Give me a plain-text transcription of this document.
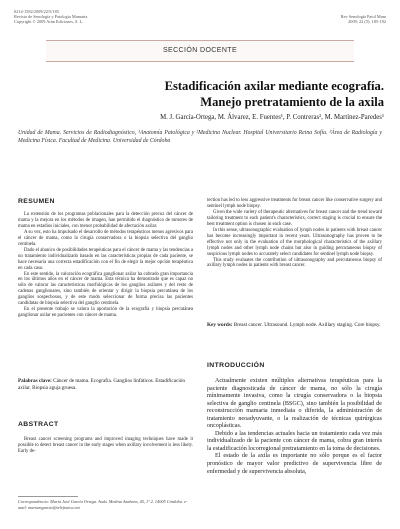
0214-1582/2009/22/5/185
Revista de Senología y Patología Mamaria
Copyright © 2009 Arán Ediciones, S. L.
Rev Senología Patol Mam
2009; 22 (5): 185-192
SECCIÓN DOCENTE
Estadificación axilar mediante ecografía.
Manejo pretratamiento de la axila
M. J. García-Ortega, M. Álvarez, E. Fuentes¹, P. Contreras², M. Martínez-Paredes¹
Unidad de Mama. Servicios de Radiodiagnóstico, ¹Anatomía Patológica y ²Medicina Nuclear. Hospital Universitario Reina Sofía. ³Área de Radiología y Medicina Física. Facultad de Medicina. Universidad de Córdoba
RESUMEN

La extensión de los programas poblacionales para la detección precoz del cáncer de mama y la mejora en los métodos de imagen, han permitido el diagnóstico de tumores de mama en estadios iniciales, con menor probabilidad de afectación axilar.

A su vez, esto ha impulsado el desarrollo de métodos terapéuticos menos agresivos para el cáncer de mama, como la cirugía conservadora o la biopsia selectiva del ganglio centinela.

Dado el abanico de posibilidades terapéuticas para el cáncer de mama y las tendencias a un tratamiento individualizado basado en las características propias de cada paciente, se hace necesaria una correcta estadificación con el fin de elegir la mejor opción terapéutica en cada caso.

En este sentido, la valoración ecográfica ganglionar axilar ha cobrado gran importancia en los últimos años en el cáncer de mama. Esta técnica ha demostrado que es capaz no sólo de valorar las características morfológicas de los ganglios axilares y del resto de cadenas ganglionares, sino también de orientar y dirigir la biopsia percutánea de los ganglios sospechosos, y de este modo seleccionar de forma precisa las pacientes candidatas de biopsia selectiva del ganglio centinela.

En el presente trabajo se valora la aportación de la ecografía y biopsia percutánea ganglionar axilar en pacientes con cáncer de mama.

Palabras clave: Cáncer de mama. Ecografía. Ganglios linfáticos. Estadificación axilar. Biopsia aguja gruesa.
ABSTRACT

Breast cancer screening programs and improved imaging techniques have made it possible to detect breast cancer in the early stages when axillary involvement is less likely. Early de-

Correspondencia: María José García Ortega. Avda. Medina Azahara, 45, 1º 2. 14005 Córdoba. e-mail: mariamgarcia@telefonica.net

tection has led to less aggressive treatments for breast cancer like conservative surgery and sentinel lymph node biopsy.

Given the wide variety of therapeutic alternatives for breast cancer and the trend toward tailoring treatment to each patient's characteristics, correct staging is crucial to ensure the best treatment option is chosen in each case.

In this sense, ultrasonographic evaluation of lymph nodes in patients with breast cancer has become increasingly important in recent years. Ultrasonography has proven to be effective not only in the evaluation of the morphological characteristics of the axillary lymph nodes and other lymph node chains but also in guiding percutaneous biopsy of suspicious lymph nodes to accurately select candidates for sentinel lymph node biopsy.

This study evaluates the contribution of ultrasonography and percutaneous biopsy of axillary lymph nodes in patients with breast cancer.

Key words: Breast cancer. Ultrasound. Lymph node. Axillary staging. Core biopsy.
INTRODUCCIÓN

Actualmente existen múltiples alternativas terapéuticas para la paciente diagnosticada de cáncer de mama, no sólo la cirugía mínimamente invasiva, como la cirugía conservadora o la biopsia selectiva de ganglio centinela (BSGC), sino también la posibilidad de reconstrucción mamaria inmediata o diferida, la administración de tratamiento neoadyuvante, o la realización de técnicas quirúrgicas oncoplásticas.

Debido a las tendencias actuales hacia un tratamiento cada vez más individualizado de la paciente con cáncer de mama, cobra gran interés la estadificación locorregional pretratamiento en la toma de decisiones.

El estado de la axila es importante no sólo porque es el factor pronóstico de mayor valor predictivo de supervivencia libre de enfermedad y de supervivencia absoluta,
